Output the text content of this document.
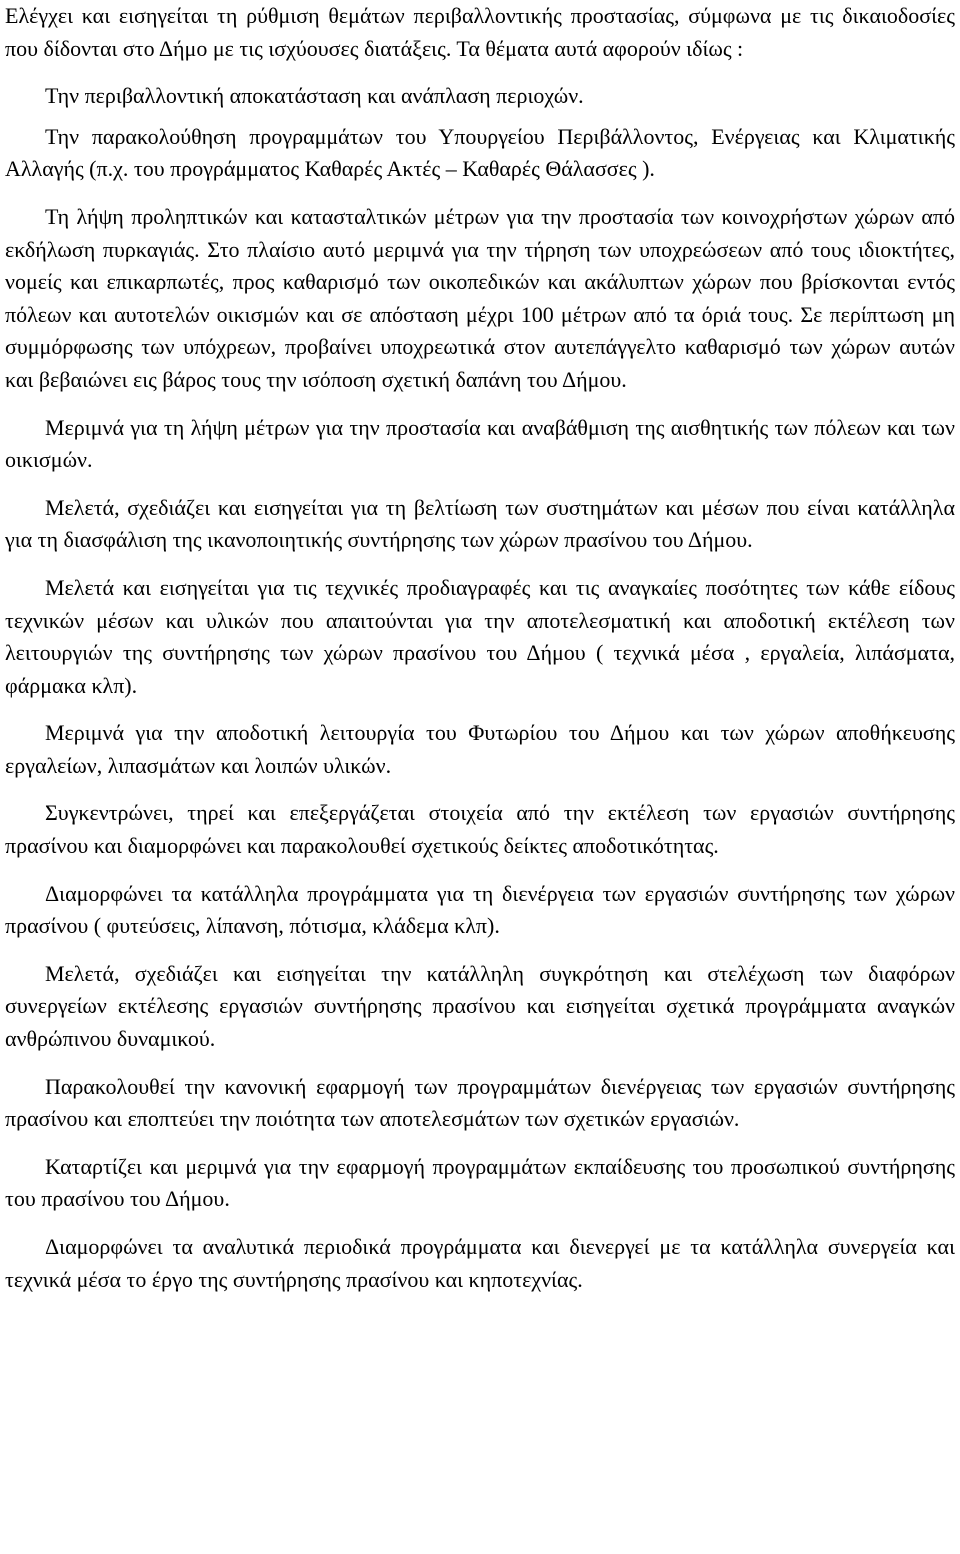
Ελέγχει και εισηγείται τη ρύθμιση θεμάτων περιβαλλοντικής προστασίας, σύμφωνα με τις δικαιοδοσίες που δίδονται στο Δήμο με τις ισχύουσες διατάξεις. Τα θέματα αυτά αφορούν ιδίως :

Την περιβαλλοντική αποκατάσταση και ανάπλαση περιοχών.

Την παρακολούθηση προγραμμάτων του Υπουργείου Περιβάλλοντος, Ενέργειας και Κλιματικής Αλλαγής (π.χ. του προγράμματος Καθαρές Ακτές – Καθαρές Θάλασσες ).

Τη λήψη προληπτικών και κατασταλτικών μέτρων για την προστασία των κοινοχρήστων χώρων από εκδήλωση πυρκαγιάς. Στο πλαίσιο αυτό μεριμνά για την τήρηση των υποχρεώσεων από τους ιδιοκτήτες, νομείς και επικαρπωτές, προς καθαρισμό των οικοπεδικών και ακάλυπτων χώρων που βρίσκονται εντός πόλεων και αυτοτελών οικισμών και σε απόσταση μέχρι 100 μέτρων από τα όριά τους. Σε περίπτωση μη συμμόρφωσης των υπόχρεων, προβαίνει υποχρεωτικά στον αυτεπάγγελτο καθαρισμό των χώρων αυτών και βεβαιώνει εις βάρος τους την ισόποση σχετική δαπάνη του Δήμου.

Μεριμνά για τη λήψη μέτρων για την προστασία και αναβάθμιση της αισθητικής των πόλεων και των οικισμών.

Μελετά, σχεδιάζει και εισηγείται για τη βελτίωση των συστημάτων και μέσων που είναι κατάλληλα για τη διασφάλιση της ικανοποιητικής συντήρησης των χώρων πρασίνου του Δήμου.

Μελετά και εισηγείται για τις τεχνικές προδιαγραφές και τις αναγκαίες ποσότητες των κάθε είδους τεχνικών μέσων και υλικών που απαιτούνται για την αποτελεσματική και αποδοτική εκτέλεση των λειτουργιών της συντήρησης των χώρων πρασίνου του Δήμου ( τεχνικά μέσα , εργαλεία, λιπάσματα, φάρμακα κλπ).

Μεριμνά για την αποδοτική λειτουργία του Φυτωρίου του Δήμου και των χώρων αποθήκευσης εργαλείων, λιπασμάτων και λοιπών υλικών.

Συγκεντρώνει, τηρεί και επεξεργάζεται στοιχεία από την εκτέλεση των εργασιών συντήρησης πρασίνου και διαμορφώνει και παρακολουθεί σχετικούς δείκτες αποδοτικότητας.

Διαμορφώνει τα κατάλληλα προγράμματα για τη διενέργεια των εργασιών συντήρησης των χώρων πρασίνου ( φυτεύσεις, λίπανση, πότισμα, κλάδεμα κλπ).

Μελετά, σχεδιάζει και εισηγείται την κατάλληλη συγκρότηση και στελέχωση των διαφόρων συνεργείων εκτέλεσης εργασιών συντήρησης πρασίνου και εισηγείται σχετικά προγράμματα αναγκών ανθρώπινου δυναμικού.

Παρακολουθεί την κανονική εφαρμογή των προγραμμάτων διενέργειας των εργασιών συντήρησης πρασίνου και εποπτεύει την ποιότητα των αποτελεσμάτων των σχετικών εργασιών.

Καταρτίζει και μεριμνά για την εφαρμογή προγραμμάτων εκπαίδευσης του προσωπικού συντήρησης του πρασίνου του Δήμου.

Διαμορφώνει τα αναλυτικά περιοδικά προγράμματα και διενεργεί με τα κατάλληλα συνεργεία και τεχνικά μέσα το έργο της συντήρησης πρασίνου και κηποτεχνίας.
